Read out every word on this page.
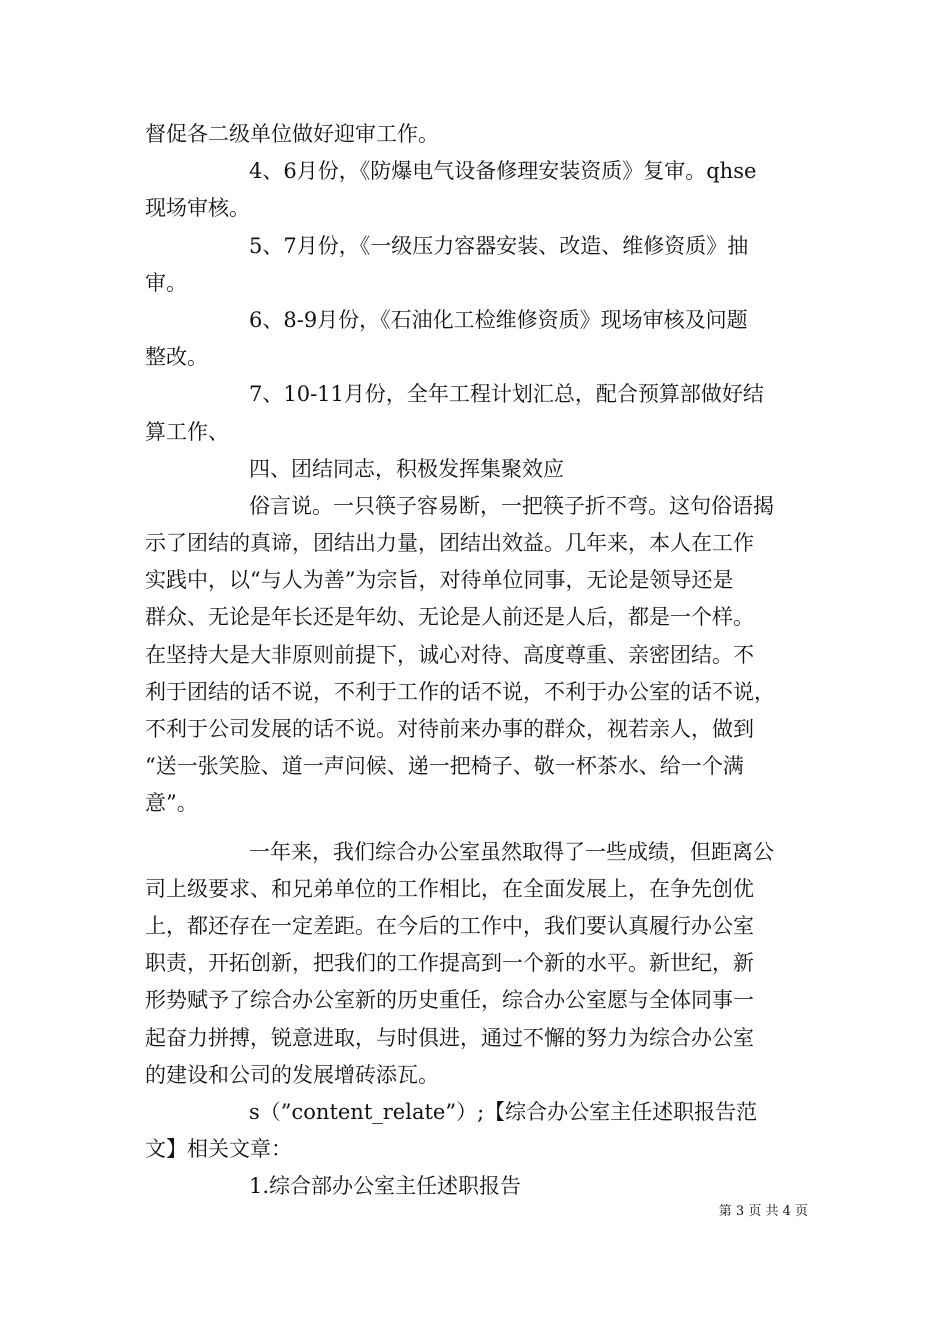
督促各二级单位做好迎审工作。
4、6月份，《防爆电气设备修理安装资质》复审。qhse
现场审核。
5、7月份，《一级压力容器安装、改造、维修资质》抽
审。
6、8-9月份，《石油化工检维修资质》现场审核及问题
整改。
7、10-11月份，全年工程计划汇总，配合预算部做好结
算工作、
四、团结同志，积极发挥集聚效应
俗言说。一只筷子容易断，一把筷子折不弯。这句俗语揭
示了团结的真谛，团结出力量，团结出效益。几年来，本人在工作
实践中，以“与人为善”为宗旨，对待单位同事，无论是领导还是
群众、无论是年长还是年幼、无论是人前还是人后，都是一个样。
在坚持大是大非原则前提下，诚心对待、高度尊重、亲密团结。不
利于团结的话不说，不利于工作的话不说，不利于办公室的话不说，
不利于公司发展的话不说。对待前来办事的群众，视若亲人，做到
“送一张笑脸、道一声问候、递一把椅子、敬一杯茶水、给一个满
意”。
一年来，我们综合办公室虽然取得了一些成绩，但距离公
司上级要求、和兄弟单位的工作相比，在全面发展上，在争先创优
上，都还存在一定差距。在今后的工作中，我们要认真履行办公室
职责，开拓创新，把我们的工作提高到一个新的水平。新世纪，新
形势赋予了综合办公室新的历史重任，综合办公室愿与全体同事一
起奋力拼搏，锐意进取，与时俱进，通过不懈的努力为综合办公室
的建设和公司的发展增砖添瓦。
s（”content_relate”）;【综合办公室主任述职报告范
文】相关文章：
1.综合部办公室主任述职报告
第 3 页 共 4 页
